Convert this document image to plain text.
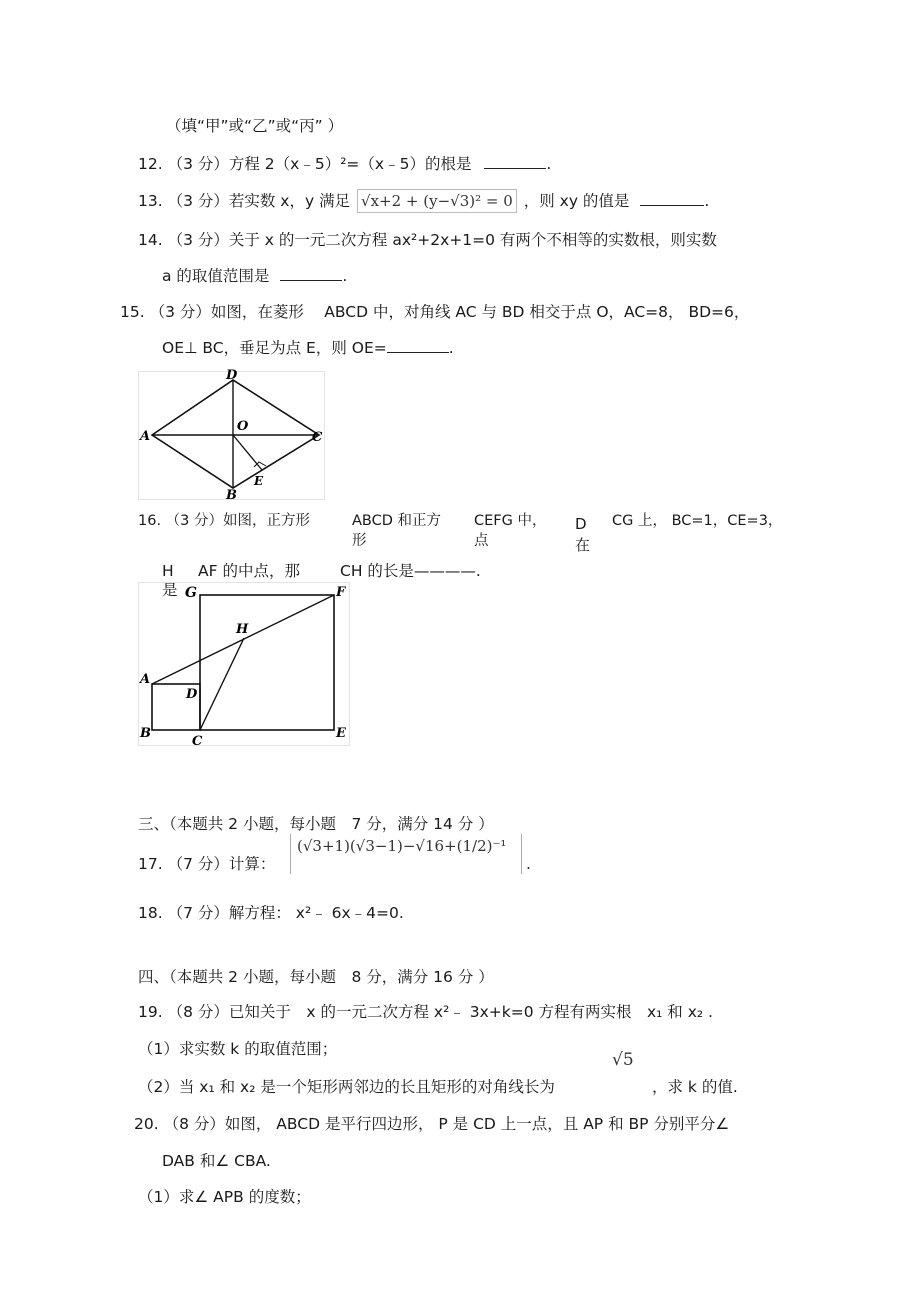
（填“甲”或“乙”或“丙” ）
12. （3 分）方程 2（x﹣5）²=（x﹣5）的根是	.
13. （3 分）若实数 x，y 满足 √x+2 + (y−√3)² = 0 ，则 xy 的值是	.
14. （3 分）关于 x 的一元二次方程 ax²+2x+1=0 有两个不相等的实数根，则实数
a 的取值范围是	.
15. （3 分）如图，在菱形　 ABCD 中，对角线 AC 与 BD 相交于点 O，AC=8， BD=6，
OE⊥ BC，垂足为点 E，则 OE=	.
D
A	C
O
B
E
16. （3 分）如图，正方形	ABCD 和正方
形
CEFG 中，
点
D
在
CG 上， BC=1，CE=3，
H
是
AF 的中点，那	CH 的长是————.
G	F
H
A
D
B
C
E
三、（本题共 2 小题，每小题　7 分，满分 14 分 ）
17. （7 分）计算：
(√3+1)(√3−1)−√16+(1/2)⁻¹
.
18. （7 分）解方程： x²﹣ 6x﹣4=0.
四、（本题共 2 小题，每小题　8 分，满分 16 分 ）
19. （8 分）已知关于　x 的一元二次方程 x²﹣ 3x+k=0 方程有两实根　x₁ 和 x₂ .
（1）求实数 k 的取值范围；
√5
（2）当 x₁ 和 x₂ 是一个矩形两邻边的长且矩形的对角线长为	，求 k 的值.
20. （8 分）如图， ABCD 是平行四边形， P 是 CD 上一点，且 AP 和 BP 分别平分∠
DAB 和∠ CBA.
（1）求∠ APB 的度数；
